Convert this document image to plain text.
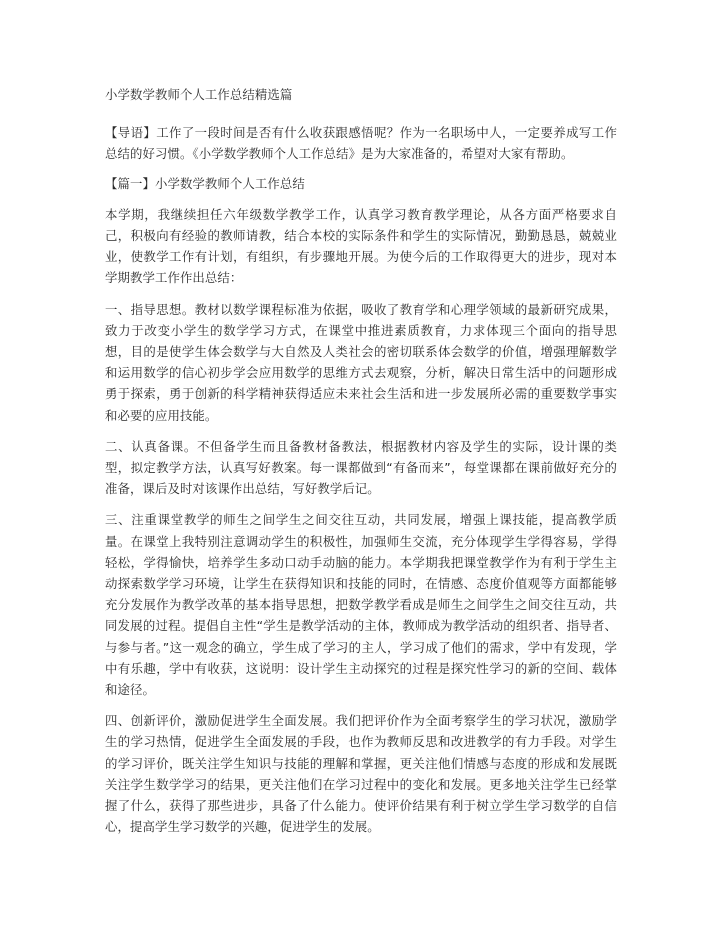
小学数学教师个人工作总结精选篇

【导语】工作了一段时间是否有什么收获跟感悟呢？作为一名职场中人，一定要养成写工作总结的好习惯。《小学数学教师个人工作总结》是为大家准备的，希望对大家有帮助。

【篇一】小学数学教师个人工作总结

本学期，我继续担任六年级数学教学工作，认真学习教育教学理论，从各方面严格要求自己，积极向有经验的教师请教，结合本校的实际条件和学生的实际情况，勤勤恳恳，兢兢业业，使教学工作有计划，有组织，有步骤地开展。为使今后的工作取得更大的进步，现对本学期教学工作作出总结：

一、指导思想。教材以数学课程标准为依据，吸收了教育学和心理学领域的最新研究成果，致力于改变小学生的数学学习方式，在课堂中推进素质教育，力求体现三个面向的指导思想，目的是使学生体会数学与大自然及人类社会的密切联系体会数学的价值，增强理解数学和运用数学的信心初步学会应用数学的思维方式去观察，分析，解决日常生活中的问题形成勇于探索，勇于创新的科学精神获得适应未来社会生活和进一步发展所必需的重要数学事实和必要的应用技能。

二、认真备课。不但备学生而且备教材备教法，根据教材内容及学生的实际，设计课的类型，拟定教学方法，认真写好教案。每一课都做到“有备而来”，每堂课都在课前做好充分的准备，课后及时对该课作出总结，写好教学后记。

三、注重课堂教学的师生之间学生之间交往互动，共同发展，增强上课技能，提高教学质量。在课堂上我特别注意调动学生的积极性，加强师生交流，充分体现学生学得容易，学得轻松，学得愉快，培养学生多动口动手动脑的能力。本学期我把课堂教学作为有利于学生主动探索数学学习环境，让学生在获得知识和技能的同时，在情感、态度价值观等方面都能够充分发展作为教学改革的基本指导思想，把数学教学看成是师生之间学生之间交往互动，共同发展的过程。提倡自主性“学生是教学活动的主体，教师成为教学活动的组织者、指导者、与参与者。”这一观念的确立，学生成了学习的主人，学习成了他们的需求，学中有发现，学中有乐趣，学中有收获，这说明：设计学生主动探究的过程是探究性学习的新的空间、载体和途径。

四、创新评价，激励促进学生全面发展。我们把评价作为全面考察学生的学习状况，激励学生的学习热情，促进学生全面发展的手段，也作为教师反思和改进教学的有力手段。对学生的学习评价，既关注学生知识与技能的理解和掌握，更关注他们情感与态度的形成和发展既关注学生数学学习的结果，更关注他们在学习过程中的变化和发展。更多地关注学生已经掌握了什么，获得了那些进步，具备了什么能力。使评价结果有利于树立学生学习数学的自信心，提高学生学习数学的兴趣，促进学生的发展。
